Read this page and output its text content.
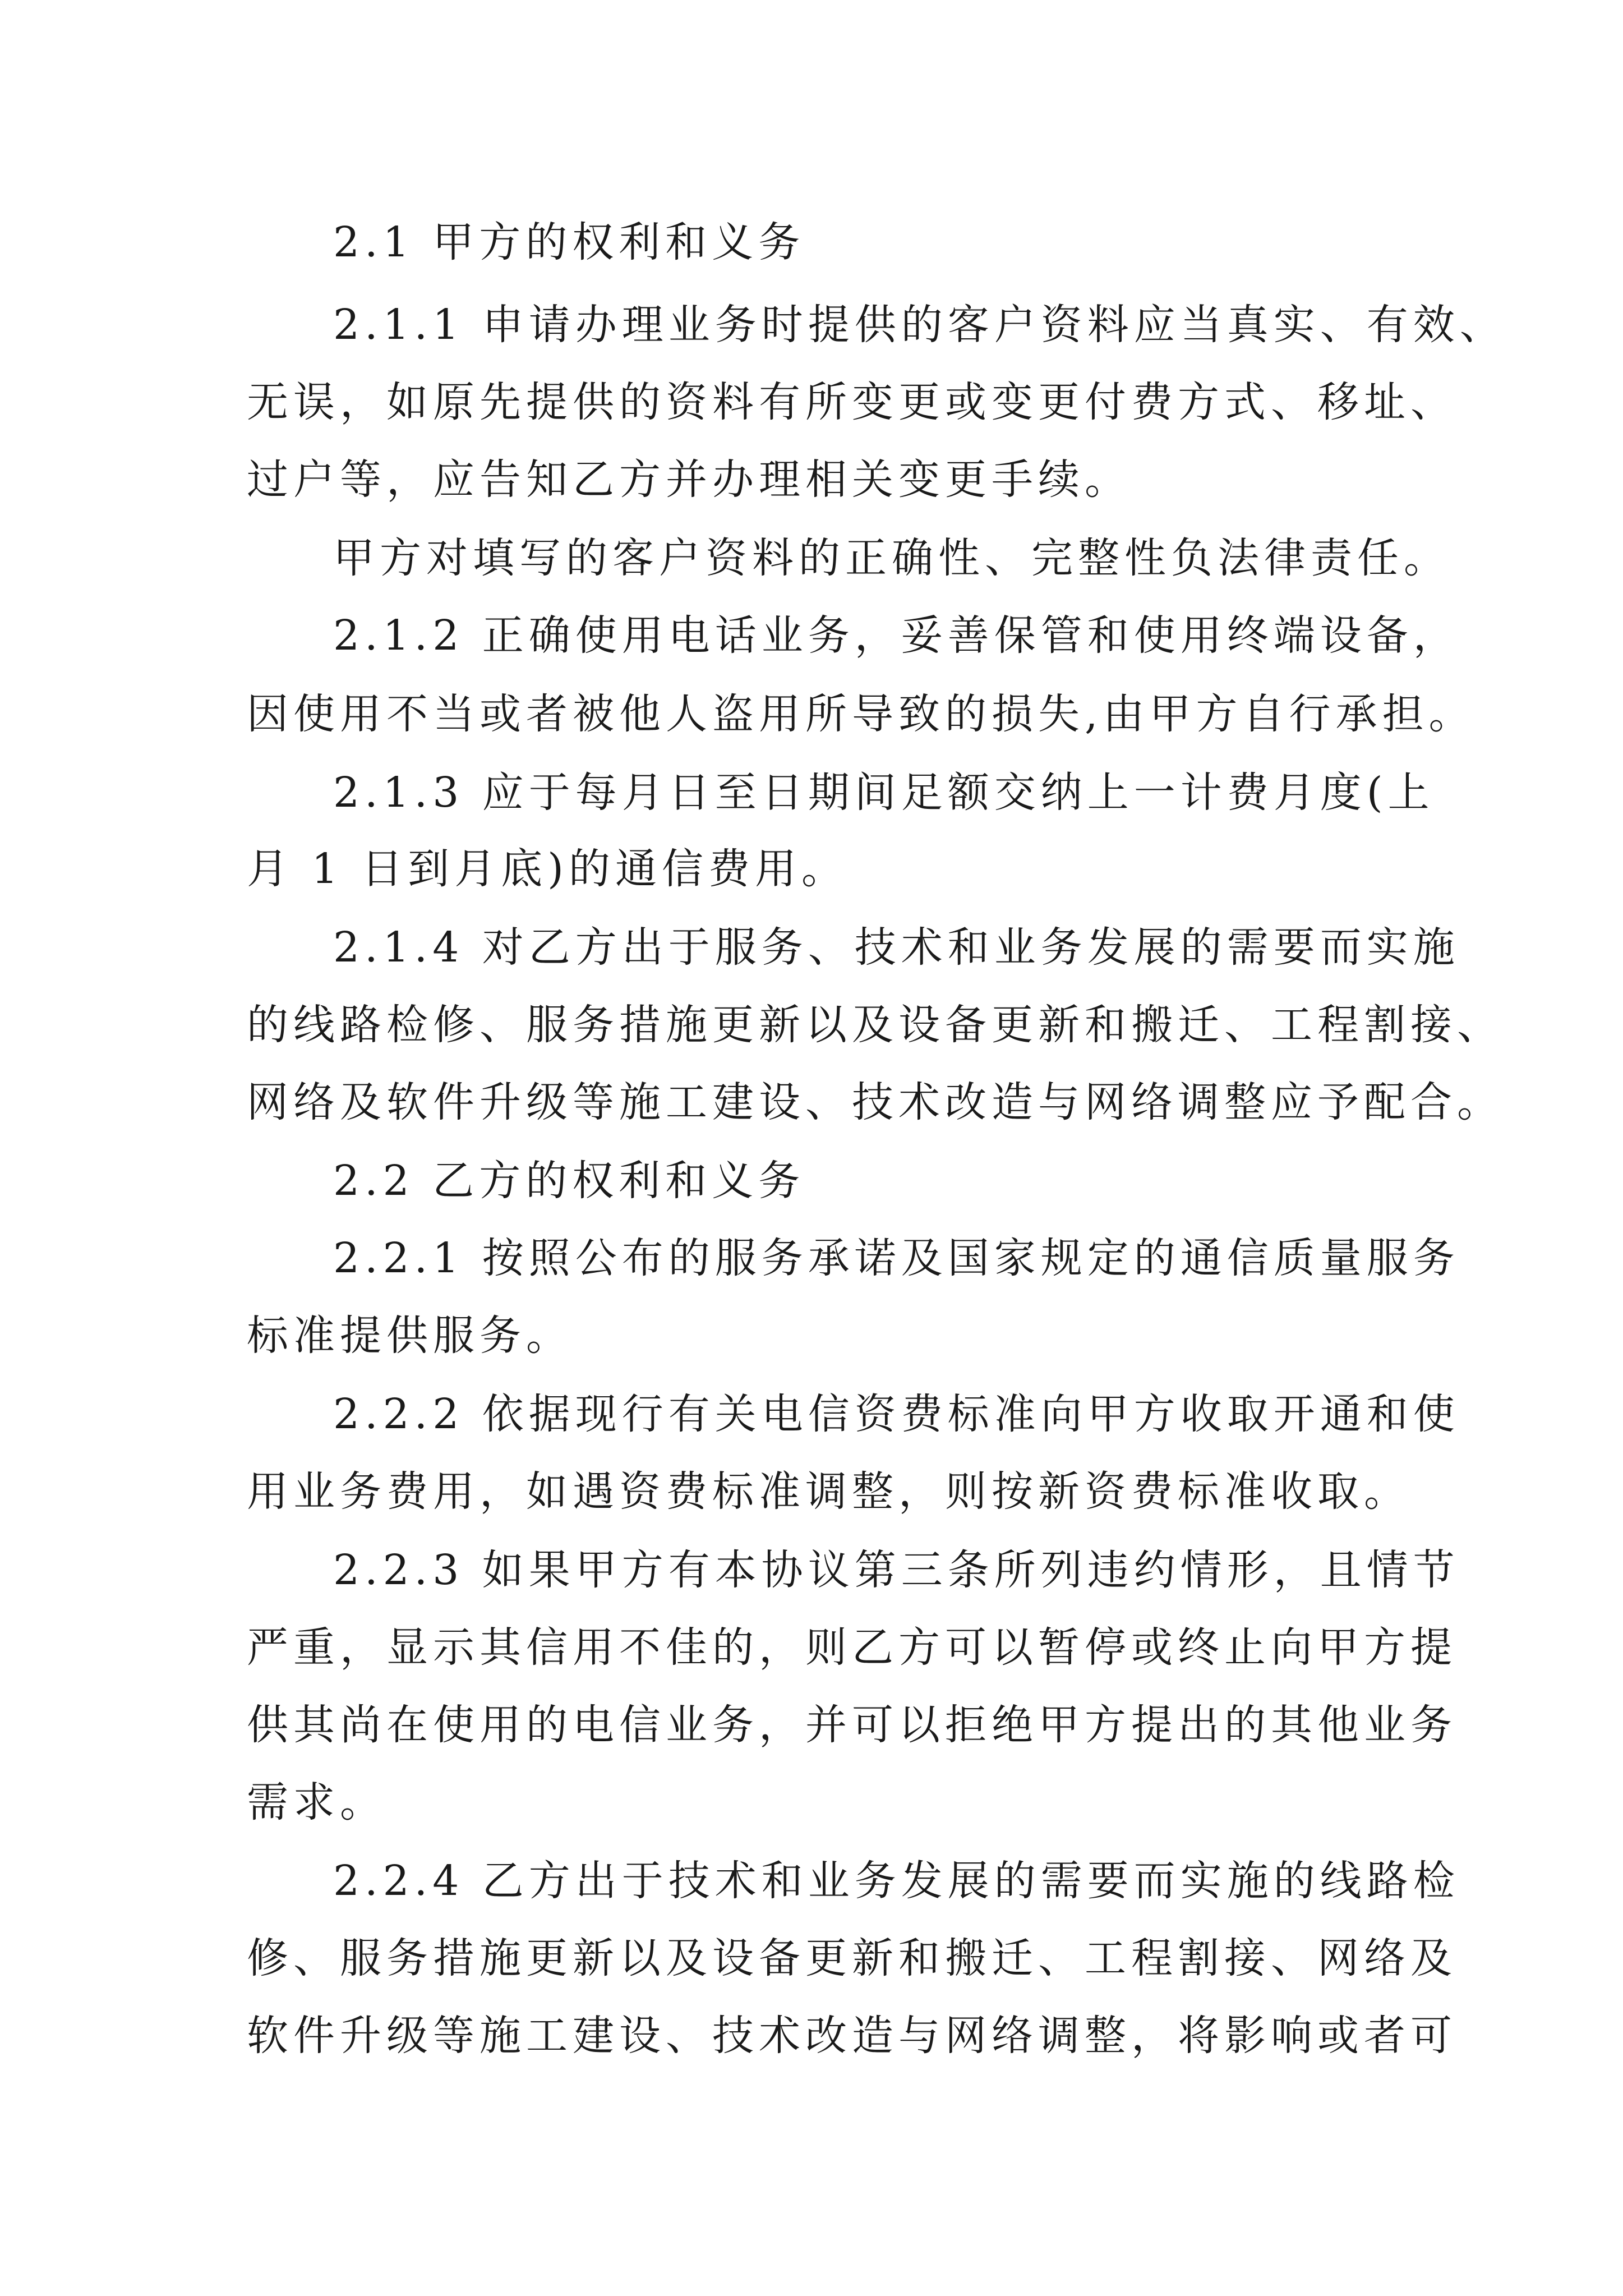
2.1 甲方的权利和义务

2.1.1 申请办理业务时提供的客户资料应当真实、有效、

无误，如原先提供的资料有所变更或变更付费方式、移址、

过户等，应告知乙方并办理相关变更手续。

甲方对填写的客户资料的正确性、完整性负法律责任。

2.1.2 正确使用电话业务，妥善保管和使用终端设备，

因使用不当或者被他人盗用所导致的损失,由甲方自行承担。

2.1.3 应于每月日至日期间足额交纳上一计费月度(上

月 1 日到月底)的通信费用。

2.1.4 对乙方出于服务、技术和业务发展的需要而实施

的线路检修、服务措施更新以及设备更新和搬迁、工程割接、

网络及软件升级等施工建设、技术改造与网络调整应予配合。

2.2 乙方的权利和义务

2.2.1 按照公布的服务承诺及国家规定的通信质量服务

标准提供服务。

2.2.2 依据现行有关电信资费标准向甲方收取开通和使

用业务费用，如遇资费标准调整，则按新资费标准收取。

2.2.3 如果甲方有本协议第三条所列违约情形，且情节

严重，显示其信用不佳的，则乙方可以暂停或终止向甲方提

供其尚在使用的电信业务，并可以拒绝甲方提出的其他业务

需求。

2.2.4 乙方出于技术和业务发展的需要而实施的线路检

修、服务措施更新以及设备更新和搬迁、工程割接、网络及

软件升级等施工建设、技术改造与网络调整，将影响或者可
